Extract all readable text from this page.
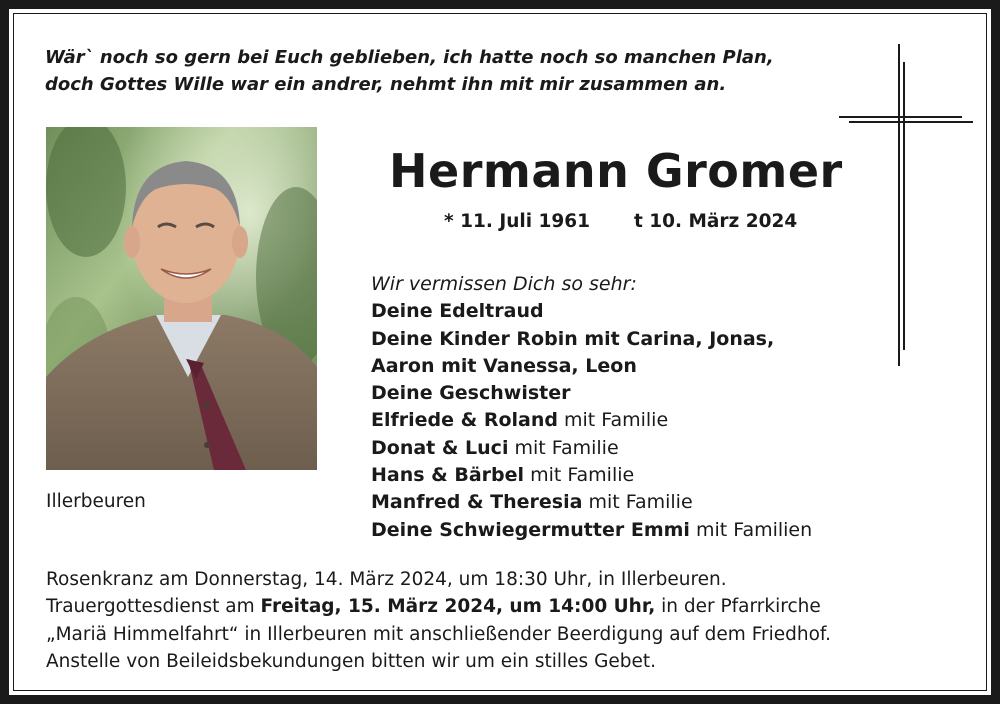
Wär` noch so gern bei Euch geblieben, ich hatte noch so manchen Plan,
doch Gottes Wille war ein andrer, nehmt ihn mit mir zusammen an.
Illerbeuren
Hermann Gromer
* 11. Juli 1961 t 10. März 2024
Wir vermissen Dich so sehr:
Deine Edeltraud
Deine Kinder Robin mit Carina, Jonas,
Aaron mit Vanessa, Leon
Deine Geschwister
Elfriede & Roland mit Familie
Donat & Luci mit Familie
Hans & Bärbel mit Familie
Manfred & Theresia mit Familie
Deine Schwiegermutter Emmi mit Familien
Rosenkranz am Donnerstag, 14. März 2024, um 18:30 Uhr, in Illerbeuren.
Trauergottesdienst am Freitag, 15. März 2024, um 14:00 Uhr, in der Pfarrkirche
„Mariä Himmelfahrt“ in Illerbeuren mit anschließender Beerdigung auf dem Friedhof.
Anstelle von Beileidsbekundungen bitten wir um ein stilles Gebet.
